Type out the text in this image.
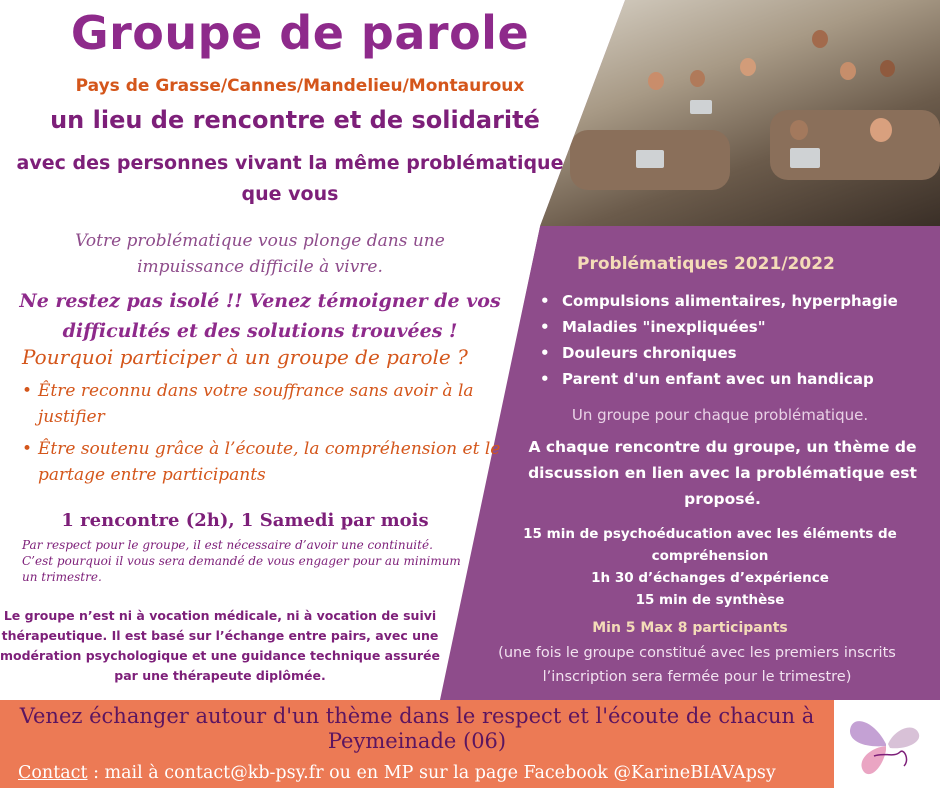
Groupe de parole
Pays de Grasse/Cannes/Mandelieu/Montauroux
un lieu de rencontre et de solidarité
avec des personnes vivant la même problématique que vous
Votre problématique vous plonge dans une impuissance difficile à vivre.
Ne restez pas isolé !! Venez témoigner de vos difficultés et des solutions trouvées !
Pourquoi participer à un groupe de parole ?
• Être reconnu dans votre souffrance sans avoir à la justifier
• Être soutenu grâce à l’écoute, la compréhension et le partage entre participants
1 rencontre (2h), 1 Samedi par mois
Par respect pour le groupe, il est nécessaire d’avoir une continuité. C’est pourquoi il vous sera demandé de vous engager pour au minimum un trimestre.
Le groupe n’est ni à vocation médicale, ni à vocation de suivi thérapeutique. Il est basé sur l’échange entre pairs, avec une modération psychologique et une guidance technique assurée par une thérapeute diplômée.
Problématiques 2021/2022
• Compulsions alimentaires, hyperphagie
• Maladies "inexpliquées"
• Douleurs chroniques
• Parent d'un enfant avec un handicap
Un groupe pour chaque problématique.
A chaque rencontre du groupe, un thème de discussion en lien avec la problématique est proposé.
15 min de psychoéducation avec les éléments de compréhension
1h 30 d’échanges d’expérience
15 min de synthèse
Min 5 Max 8 participants
(une fois le groupe constitué avec les premiers inscrits l’inscription sera fermée pour le trimestre)
Venez échanger autour d'un thème dans le respect et l'écoute de chacun à Peymeinade (06)
Contact : mail à contact@kb-psy.fr ou en MP sur la page Facebook @KarineBIAVApsy
